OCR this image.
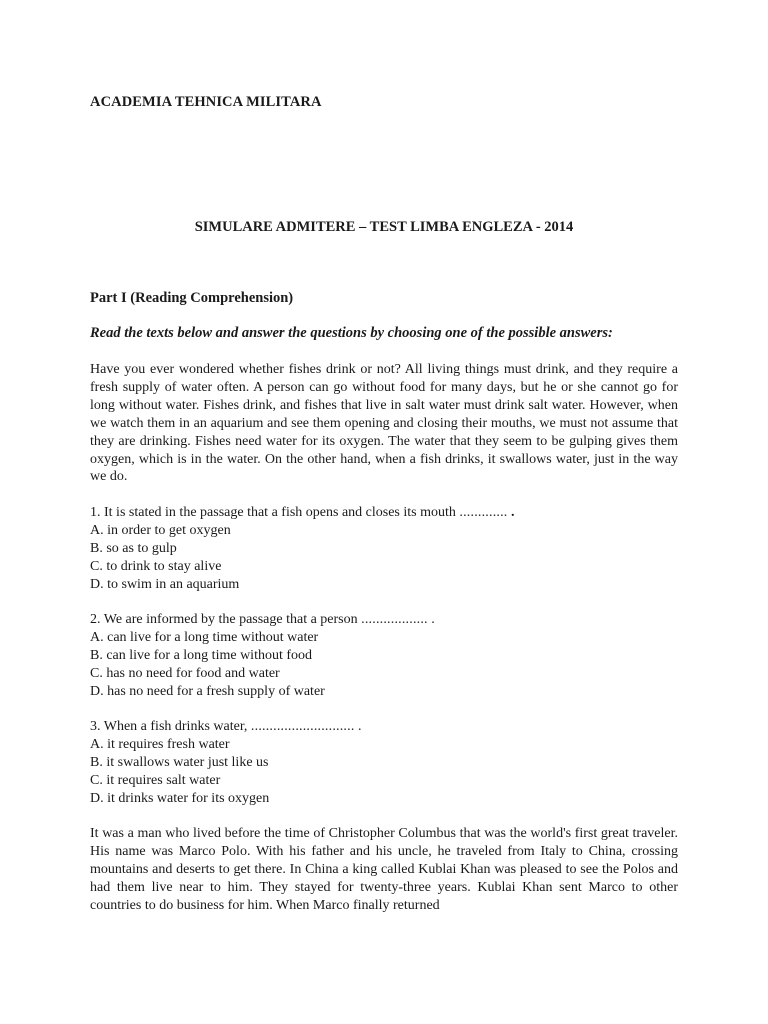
ACADEMIA TEHNICA MILITARA
SIMULARE ADMITERE – TEST LIMBA ENGLEZA - 2014
Part I (Reading Comprehension)
Read the texts below and answer the questions by choosing one of the possible answers:

Have you ever wondered whether fishes drink or not? All living things must drink, and they require a fresh supply of water often. A person can go without food for many days, but he or she cannot go for long without water. Fishes drink, and fishes that live in salt water must drink salt water. However, when we watch them in an aquarium and see them opening and closing their mouths, we must not assume that they are drinking. Fishes need water for its oxygen. The water that they seem to be gulping gives them oxygen, which is in the water. On the other hand, when a fish drinks, it swallows water, just in the way we do.

1. It is stated in the passage that a fish opens and closes its mouth ............. .
A. in order to get oxygen
B. so as to gulp
C. to drink to stay alive
D. to swim in an aquarium
2. We are informed by the passage that a person .................. .
A. can live for a long time without water
B. can live for a long time without food
C. has no need for food and water
D. has no need for a fresh supply of water
3. When a fish drinks water, ............................ .
A. it requires fresh water
B. it swallows water just like us
C. it requires salt water
D. it drinks water for its oxygen

It was a man who lived before the time of Christopher Columbus that was the world's first great traveler. His name was Marco Polo. With his father and his uncle, he traveled from Italy to China, crossing mountains and deserts to get there. In China a king called Kublai Khan was pleased to see the Polos and had them live near to him. They stayed for twenty-three years. Kublai Khan sent Marco to other countries to do business for him. When Marco finally returned
